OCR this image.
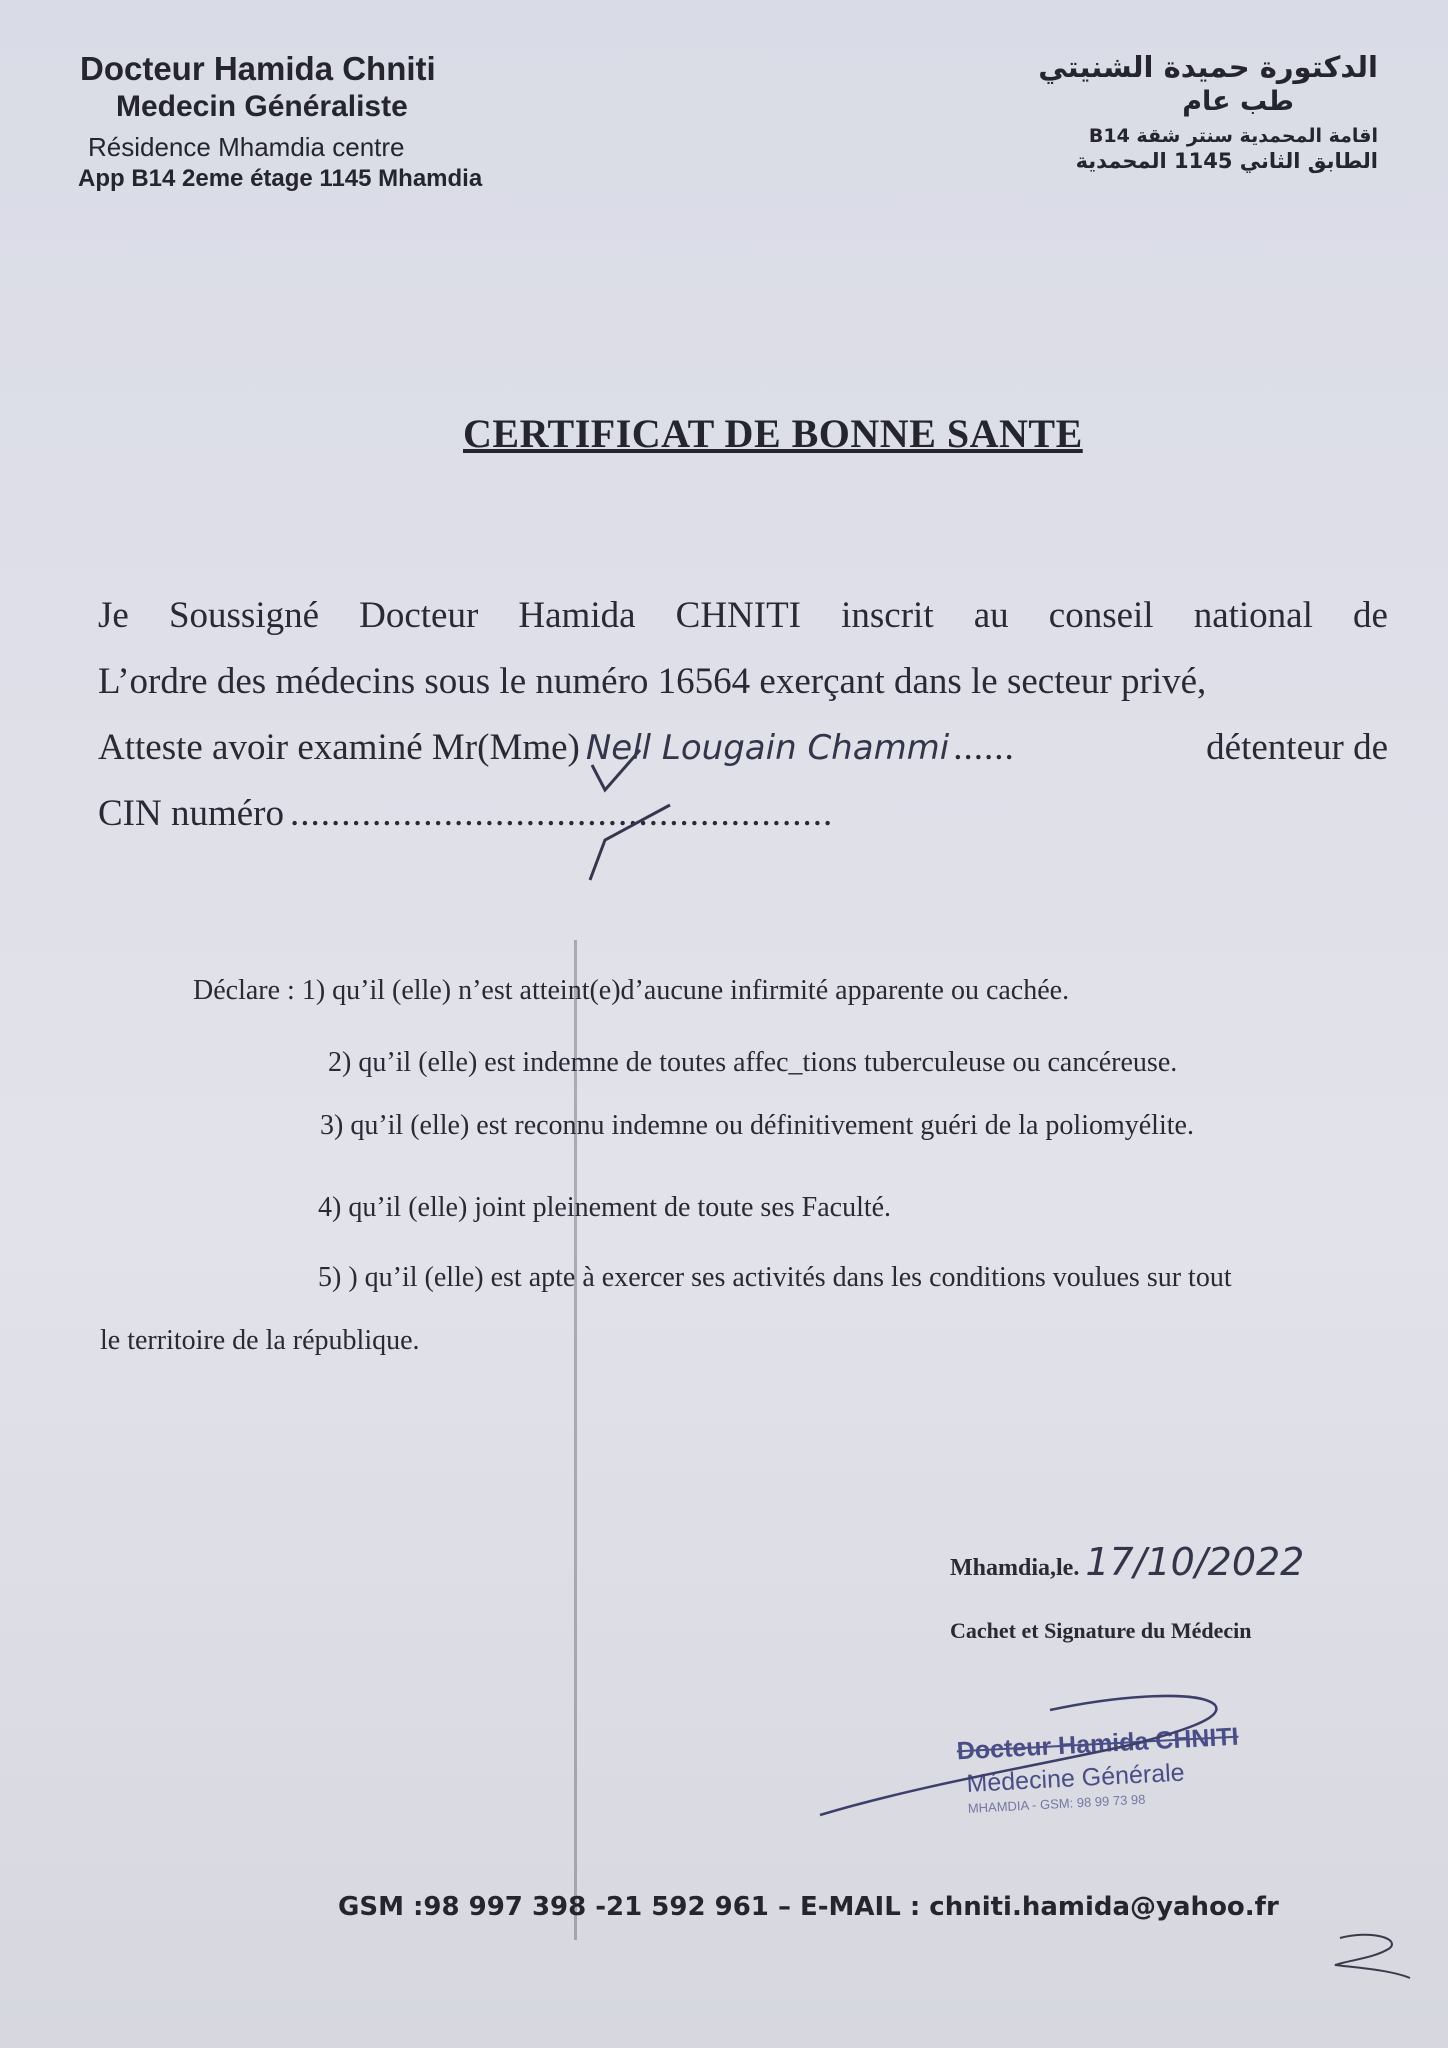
Docteur Hamida Chniti
Medecin Généraliste
Résidence Mhamdia centre
App B14 2eme étage 1145 Mhamdia
الدكتورة حميدة الشنيتي
طب عام
اقامة المحمدية سنتر شقة B14
الطابق الثاني 1145 المحمدية
CERTIFICAT DE BONNE SANTE
Je Soussigné Docteur Hamida CHNITI inscrit au conseil national de
L’ordre des médecins sous le numéro 16564 exerçant dans le secteur privé,
Atteste avoir examiné Mr(Mme) Nell Lougain Chammi ......	détenteur de
CIN numéro .....................................................
Déclare : 1) qu’il (elle) n’est atteint(e)d’aucune infirmité apparente ou cachée.
2) qu’il (elle) est indemne de toutes affec_tions tuberculeuse ou cancéreuse.
3) qu’il (elle) est reconnu indemne ou définitivement guéri de la poliomyélite.
4) qu’il (elle) joint pleinement de toute ses Faculté.
5) ) qu’il (elle) est apte à exercer ses activités dans les conditions voulues sur tout
le territoire de la république.
Mhamdia,le. 17/10/2022
Cachet et Signature du Médecin
Docteur Hamida CHNITI
Médecine Générale
MHAMDIA - GSM: 98 99 73 98
GSM :98 997 398 -21 592 961 – E-MAIL : chniti.hamida@yahoo.fr
